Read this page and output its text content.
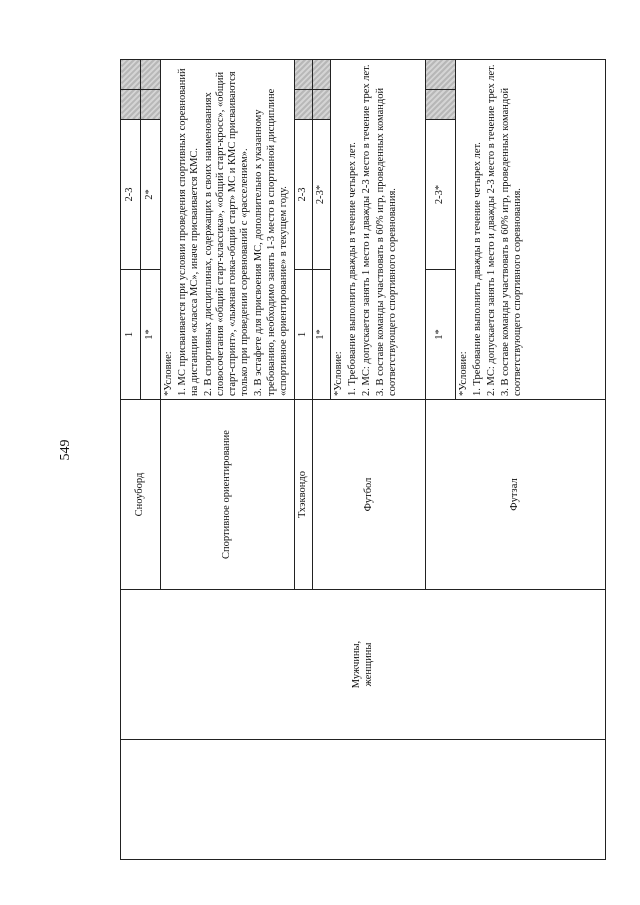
549
	Мужчины,
женщины	Сноуборд	1	2-3		
			1*	2*		
		Спортивное ориентирование	*Условие: 1. МС присваивается при условии проведения спортивных соревнований на дистанции «класса МС», иначе присваивается КМС. 2. В спортивных дисциплинах, содержащих в своих наименованиях словосочетания «общий старт-классика», «общий старт-кросс», «общий старт-спринт», «лыжная гонка-общий старт» МС и КМС присваиваются только при проведении соревнований с «расселением». 3. В эстафете для присвоения МС, дополнительно к указанному требованию, необходимо занять 1-3 место в спортивной дисциплине «спортивное ориентирование» в текущем году.			

		Тхэквондо	1	2-3		
		Футбол	1*	2-3*		

			*Условие: 1. Требование выполнить дважды в течение четырех лет. 2. МС: допускается занять 1 место и дважды 2-3 место в течение трех лет. 3. В составе команды участвовать в 60% игр, проведенных командой соответствующего спортивного соревнования.			

		Футзал	1*	2-3*		

			*Условие: 1. Требование выполнить дважды в течение четырех лет. 2. МС: допускается занять 1 место и дважды 2-3 место в течение трех лет. 3. В составе команды участвовать в 60% игр, проведенных командой соответствующего спортивного соревнования.			
